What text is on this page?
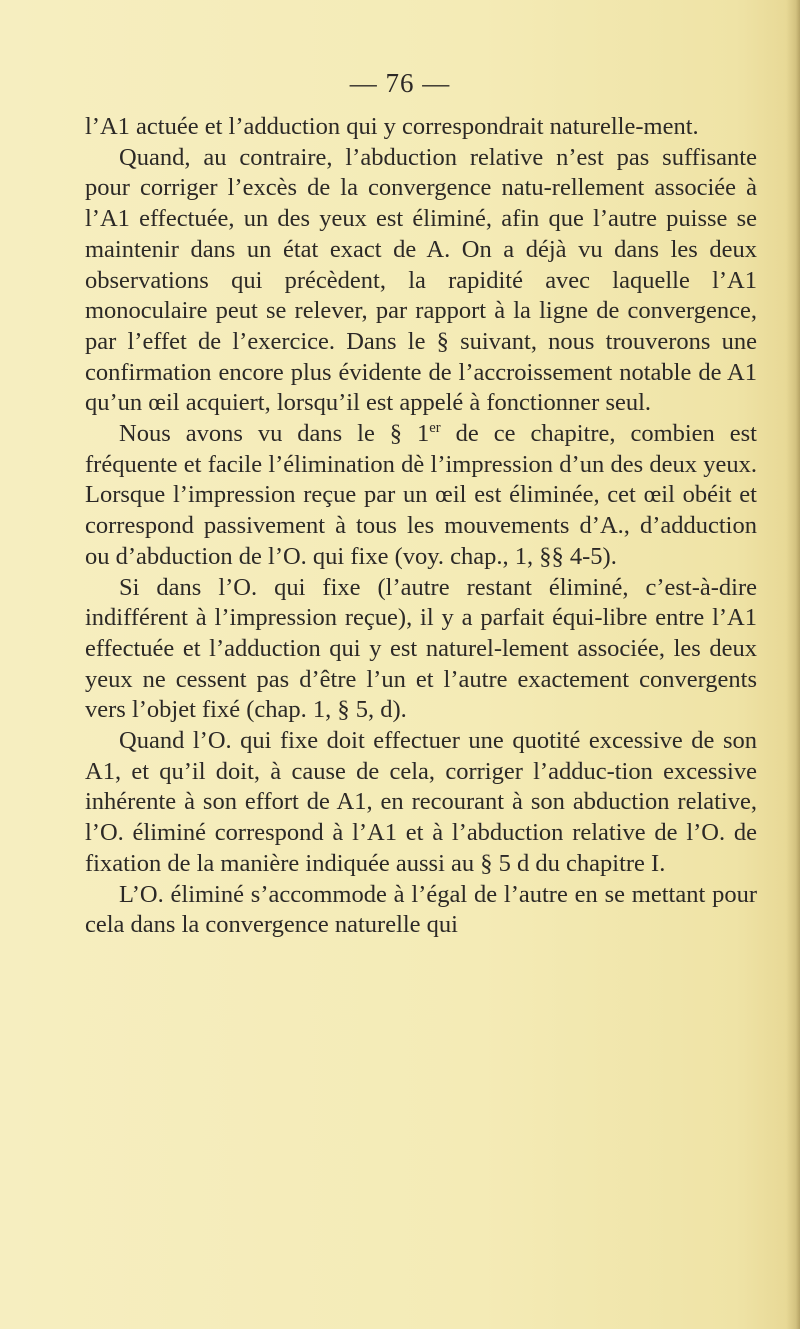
— 76 —

l’A1 actuée et l’adduction qui y correspondrait naturelle-ment.

Quand, au contraire, l’abduction relative n’est pas suffisante pour corriger l’excès de la convergence natu-rellement associée à l’A1 effectuée, un des yeux est éliminé, afin que l’autre puisse se maintenir dans un état exact de A. On a déjà vu dans les deux observations qui précèdent, la rapidité avec laquelle l’A1 monoculaire peut se relever, par rapport à la ligne de convergence, par l’effet de l’exercice. Dans le § suivant, nous trouverons une confirmation encore plus évidente de l’accroissement notable de A1 qu’un œil acquiert, lorsqu’il est appelé à fonctionner seul.

Nous avons vu dans le § 1er de ce chapitre, combien est fréquente et facile l’élimination dè l’impression d’un des deux yeux. Lorsque l’impression reçue par un œil est éliminée, cet œil obéit et correspond passivement à tous les mouvements d’A., d’adduction ou d’abduction de l’O. qui fixe (voy. chap., 1, §§ 4-5).

Si dans l’O. qui fixe (l’autre restant éliminé, c’est-à-dire indifférent à l’impression reçue), il y a parfait équi-libre entre l’A1 effectuée et l’adduction qui y est naturel-lement associée, les deux yeux ne cessent pas d’être l’un et l’autre exactement convergents vers l’objet fixé (chap. 1, § 5, d).

Quand l’O. qui fixe doit effectuer une quotité excessive de son A1, et qu’il doit, à cause de cela, corriger l’adduc-tion excessive inhérente à son effort de A1, en recourant à son abduction relative, l’O. éliminé correspond à l’A1 et à l’abduction relative de l’O. de fixation de la manière indiquée aussi au § 5 d du chapitre I.

L’O. éliminé s’accommode à l’égal de l’autre en se mettant pour cela dans la convergence naturelle qui
